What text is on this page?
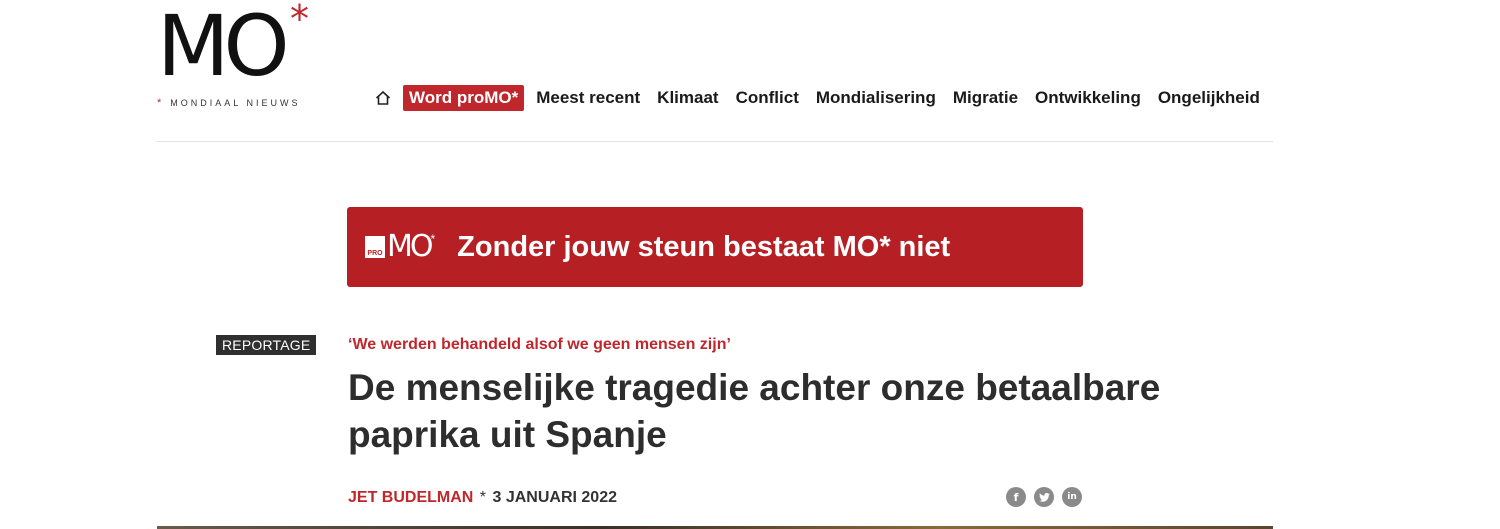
MO *
* MONDIAAL NIEUWS	Word proMO*	Meest recent Klimaat Conflict Mondialisering Migratie Ontwikkeling Ongelijkheid
PRO MO * Zonder jouw steun bestaat MO* niet
REPORTAGE	‘We werden behandeld alsof we geen mensen zijn’
De menselijke tragedie achter onze betaalbare paprika uit Spanje
JET BUDELMAN * 3 JANUARI 2022	f	in
